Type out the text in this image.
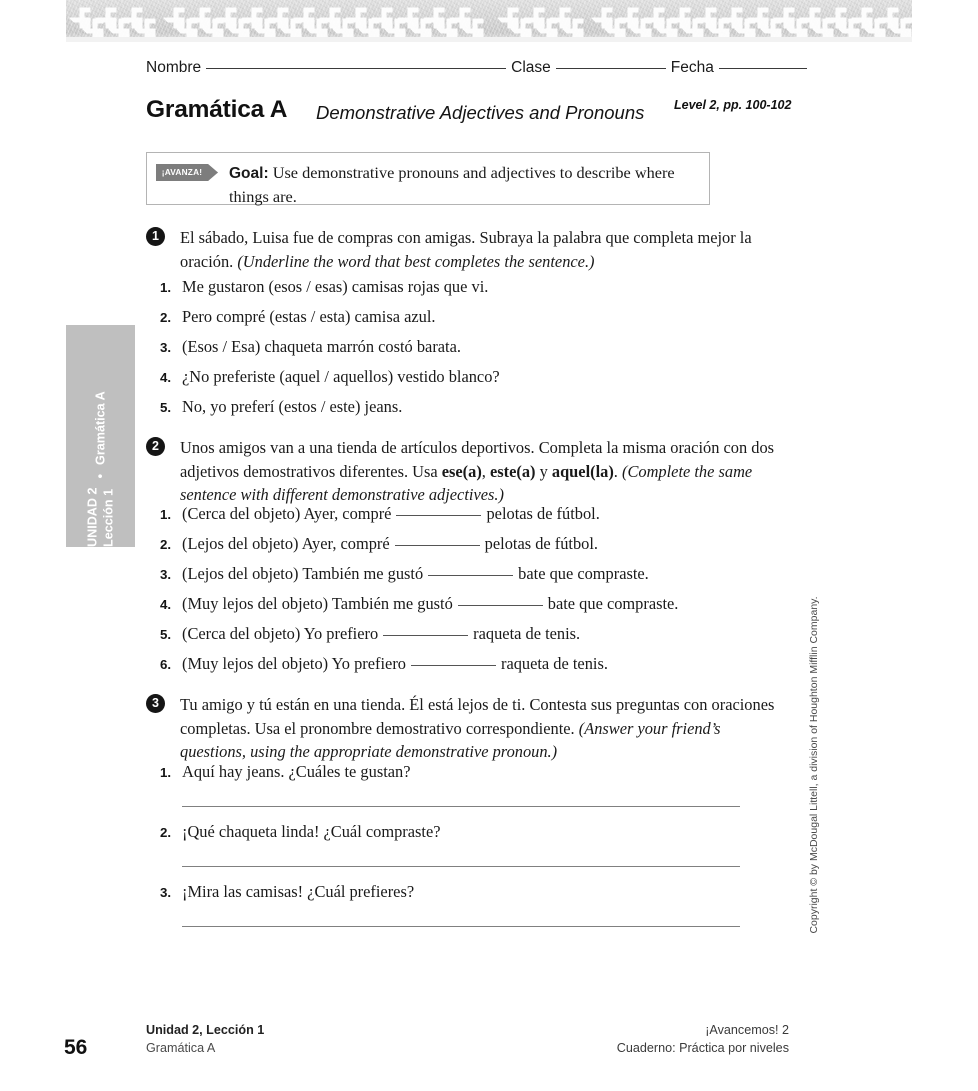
Nombre	Clase	Fecha
Gramática A Demonstrative Adjectives and Pronouns Level 2, pp. 100-102
¡AVANZA!	Goal: Use demonstrative pronouns and adjectives to describe where things are.
UNIDAD 2 Lección 1
•
Gramática A
Copyright © by McDougal Littell, a division of Houghton Mifflin Company.
1	El sábado, Luisa fue de compras con amigas. Subraya la palabra que completa mejor la oración. (Underline the word that best completes the sentence.)
1. Me gustaron (esos / esas) camisas rojas que vi.
2. Pero compré (estas / esta) camisa azul.
3. (Esos / Esa) chaqueta marrón costó barata.
4. ¿No preferiste (aquel / aquellos) vestido blanco?
5. No, yo preferí (estos / este) jeans.
2	Unos amigos van a una tienda de artículos deportivos. Completa la misma oración con dos adjetivos demostrativos diferentes. Usa ese(a), este(a) y aquel(la). (Complete the same sentence with different demonstrative adjectives.)
1. (Cerca del objeto) Ayer, compré	pelotas de fútbol.
2. (Lejos del objeto) Ayer, compré	pelotas de fútbol.
3. (Lejos del objeto) También me gustó	bate que compraste.
4. (Muy lejos del objeto) También me gustó	bate que compraste.
5. (Cerca del objeto) Yo prefiero	raqueta de tenis.
6. (Muy lejos del objeto) Yo prefiero	raqueta de tenis.
3	Tu amigo y tú están en una tienda. Él está lejos de ti. Contesta sus preguntas con oraciones completas. Usa el pronombre demostrativo correspondiente. (Answer your friend’s questions, using the appropriate demonstrative pronoun.)
1. Aquí hay jeans. ¿Cuáles te gustan?
2. ¡Qué chaqueta linda! ¿Cuál compraste?
3. ¡Mira las camisas! ¿Cuál prefieres?
56
Unidad 2, Lección 1
Gramática A
¡Avancemos! 2
Cuaderno: Práctica por niveles
